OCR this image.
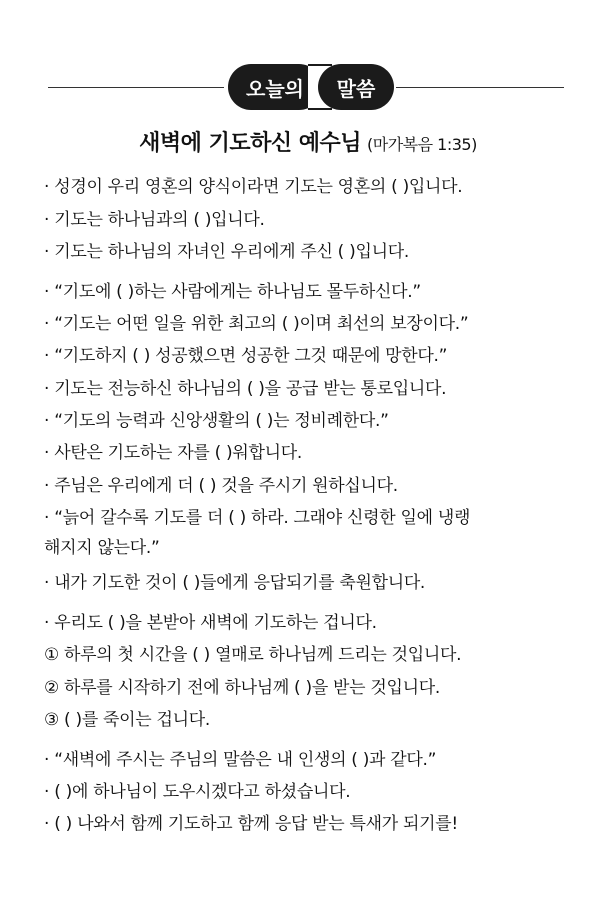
오늘의	말씀
새벽에 기도하신 예수님 (마가복음 1:35)
· 성경이 우리 영혼의 양식이라면 기도는 영혼의 ( )입니다.
· 기도는 하나님과의 ( )입니다.
· 기도는 하나님의 자녀인 우리에게 주신 ( )입니다.
· “기도에 ( )하는 사람에게는 하나님도 몰두하신다.”
· “기도는 어떤 일을 위한 최고의 ( )이며 최선의 보장이다.”
· “기도하지 ( ) 성공했으면 성공한 그것 때문에 망한다.”
· 기도는 전능하신 하나님의 ( )을 공급 받는 통로입니다.
· “기도의 능력과 신앙생활의 ( )는 정비례한다.”
· 사탄은 기도하는 자를 ( )워합니다.
· 주님은 우리에게 더 ( ) 것을 주시기 원하십니다.
· “늙어 갈수록 기도를 더 ( ) 하라. 그래야 신령한 일에 냉랭
해지지 않는다.”
· 내가 기도한 것이 ( )들에게 응답되기를 축원합니다.
· 우리도 ( )을 본받아 새벽에 기도하는 겁니다.
① 하루의 첫 시간을 ( ) 열매로 하나님께 드리는 것입니다.
② 하루를 시작하기 전에 하나님께 ( )을 받는 것입니다.
③ ( )를 죽이는 겁니다.
· “새벽에 주시는 주님의 말씀은 내 인생의 ( )과 같다.”
· ( )에 하나님이 도우시겠다고 하셨습니다.
· ( ) 나와서 함께 기도하고 함께 응답 받는 특새가 되기를!
